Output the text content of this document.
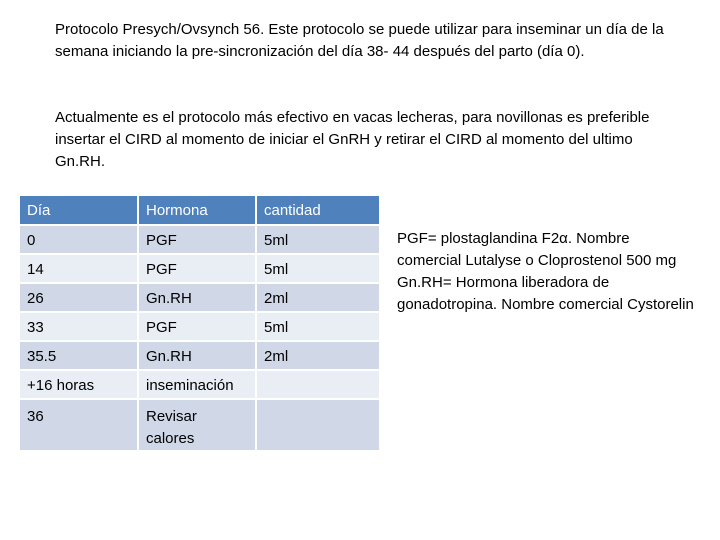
Protocolo Presych/Ovsynch 56. Este protocolo se puede utilizar para inseminar un día de la semana iniciando la pre-sincronización del día 38- 44 después del parto (día 0).

Actualmente es el protocolo más efectivo en vacas lecheras, para novillonas es preferible insertar el CIRD al momento de iniciar el GnRH y retirar el CIRD al momento del ultimo Gn.RH.

Día	Hormona	cantidad
0	PGF	5ml
14	PGF	5ml
26	Gn.RH	2ml
33	PGF	5ml
35.5	Gn.RH	2ml
+16 horas	inseminación	
36	Revisar calores	
PGF= plostaglandina F2α. Nombre comercial Lutalyse o Cloprostenol 500 mg
Gn.RH= Hormona liberadora de gonadotropina. Nombre comercial Cystorelin
